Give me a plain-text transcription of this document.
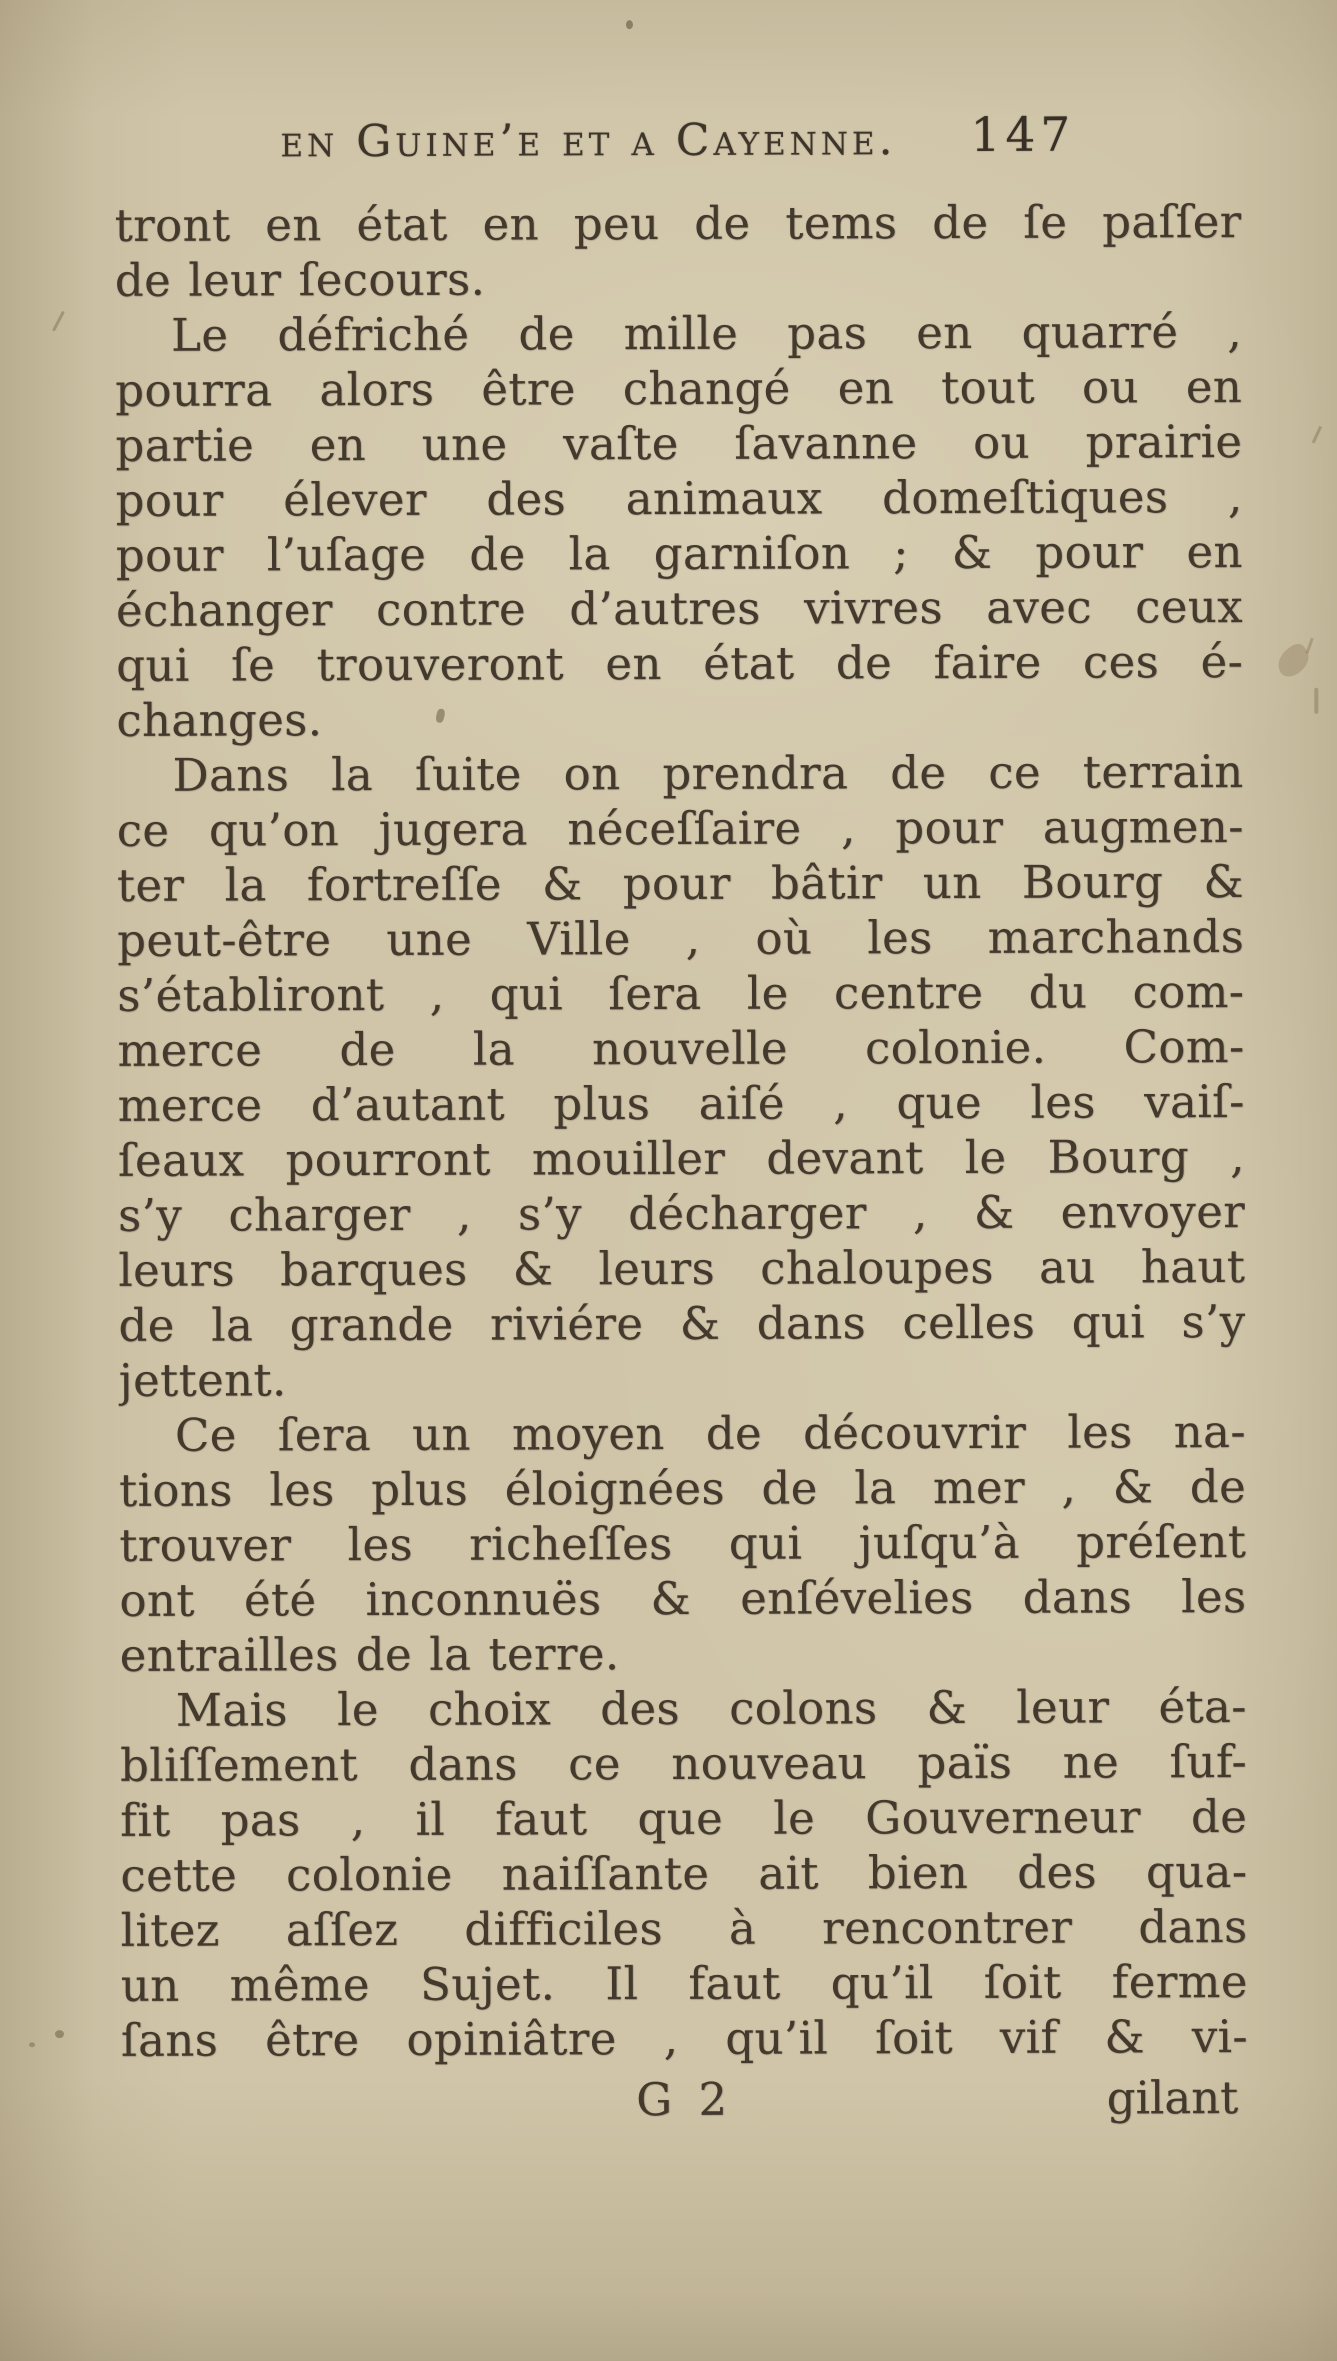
en Guine’e et a Cayenne. 147
tront en état en peu de tems de ſe paſſer
de leur ſecours.
Le défriché de mille pas en quarré ,
pourra alors être changé en tout ou en
partie en une vaſte ſavanne ou prairie
pour élever des animaux domeſtiques ,
pour l’uſage de la garniſon ; & pour en
échanger contre d’autres vivres avec ceux
qui ſe trouveront en état de faire ces é-
changes.
Dans la ſuite on prendra de ce terrain
ce qu’on jugera néceſſaire , pour augmen-
ter la fortreſſe & pour bâtir un Bourg &
peut-être une Ville , où les marchands
s’établiront , qui ſera le centre du com-
merce de la nouvelle colonie. Com-
merce d’autant plus aiſé , que les vaiſ-
ſeaux pourront mouiller devant le Bourg ,
s’y charger , s’y décharger , & envoyer
leurs barques & leurs chaloupes au haut
de la grande riviére & dans celles qui s’y
jettent.
Ce ſera un moyen de découvrir les na-
tions les plus éloignées de la mer , & de
trouver les richeſſes qui juſqu’à préſent
ont été inconnuës & enſévelies dans les
entrailles de la terre.
Mais le choix des colons & leur éta-
bliſſement dans ce nouveau païs ne ſuf-
fit pas , il faut que le Gouverneur de
cette colonie naiſſante ait bien des qua-
litez aſſez difficiles à rencontrer dans
un même Sujet. Il faut qu’il ſoit ferme
ſans être opiniâtre , qu’il ſoit vif & vi-
G 2	gilant
